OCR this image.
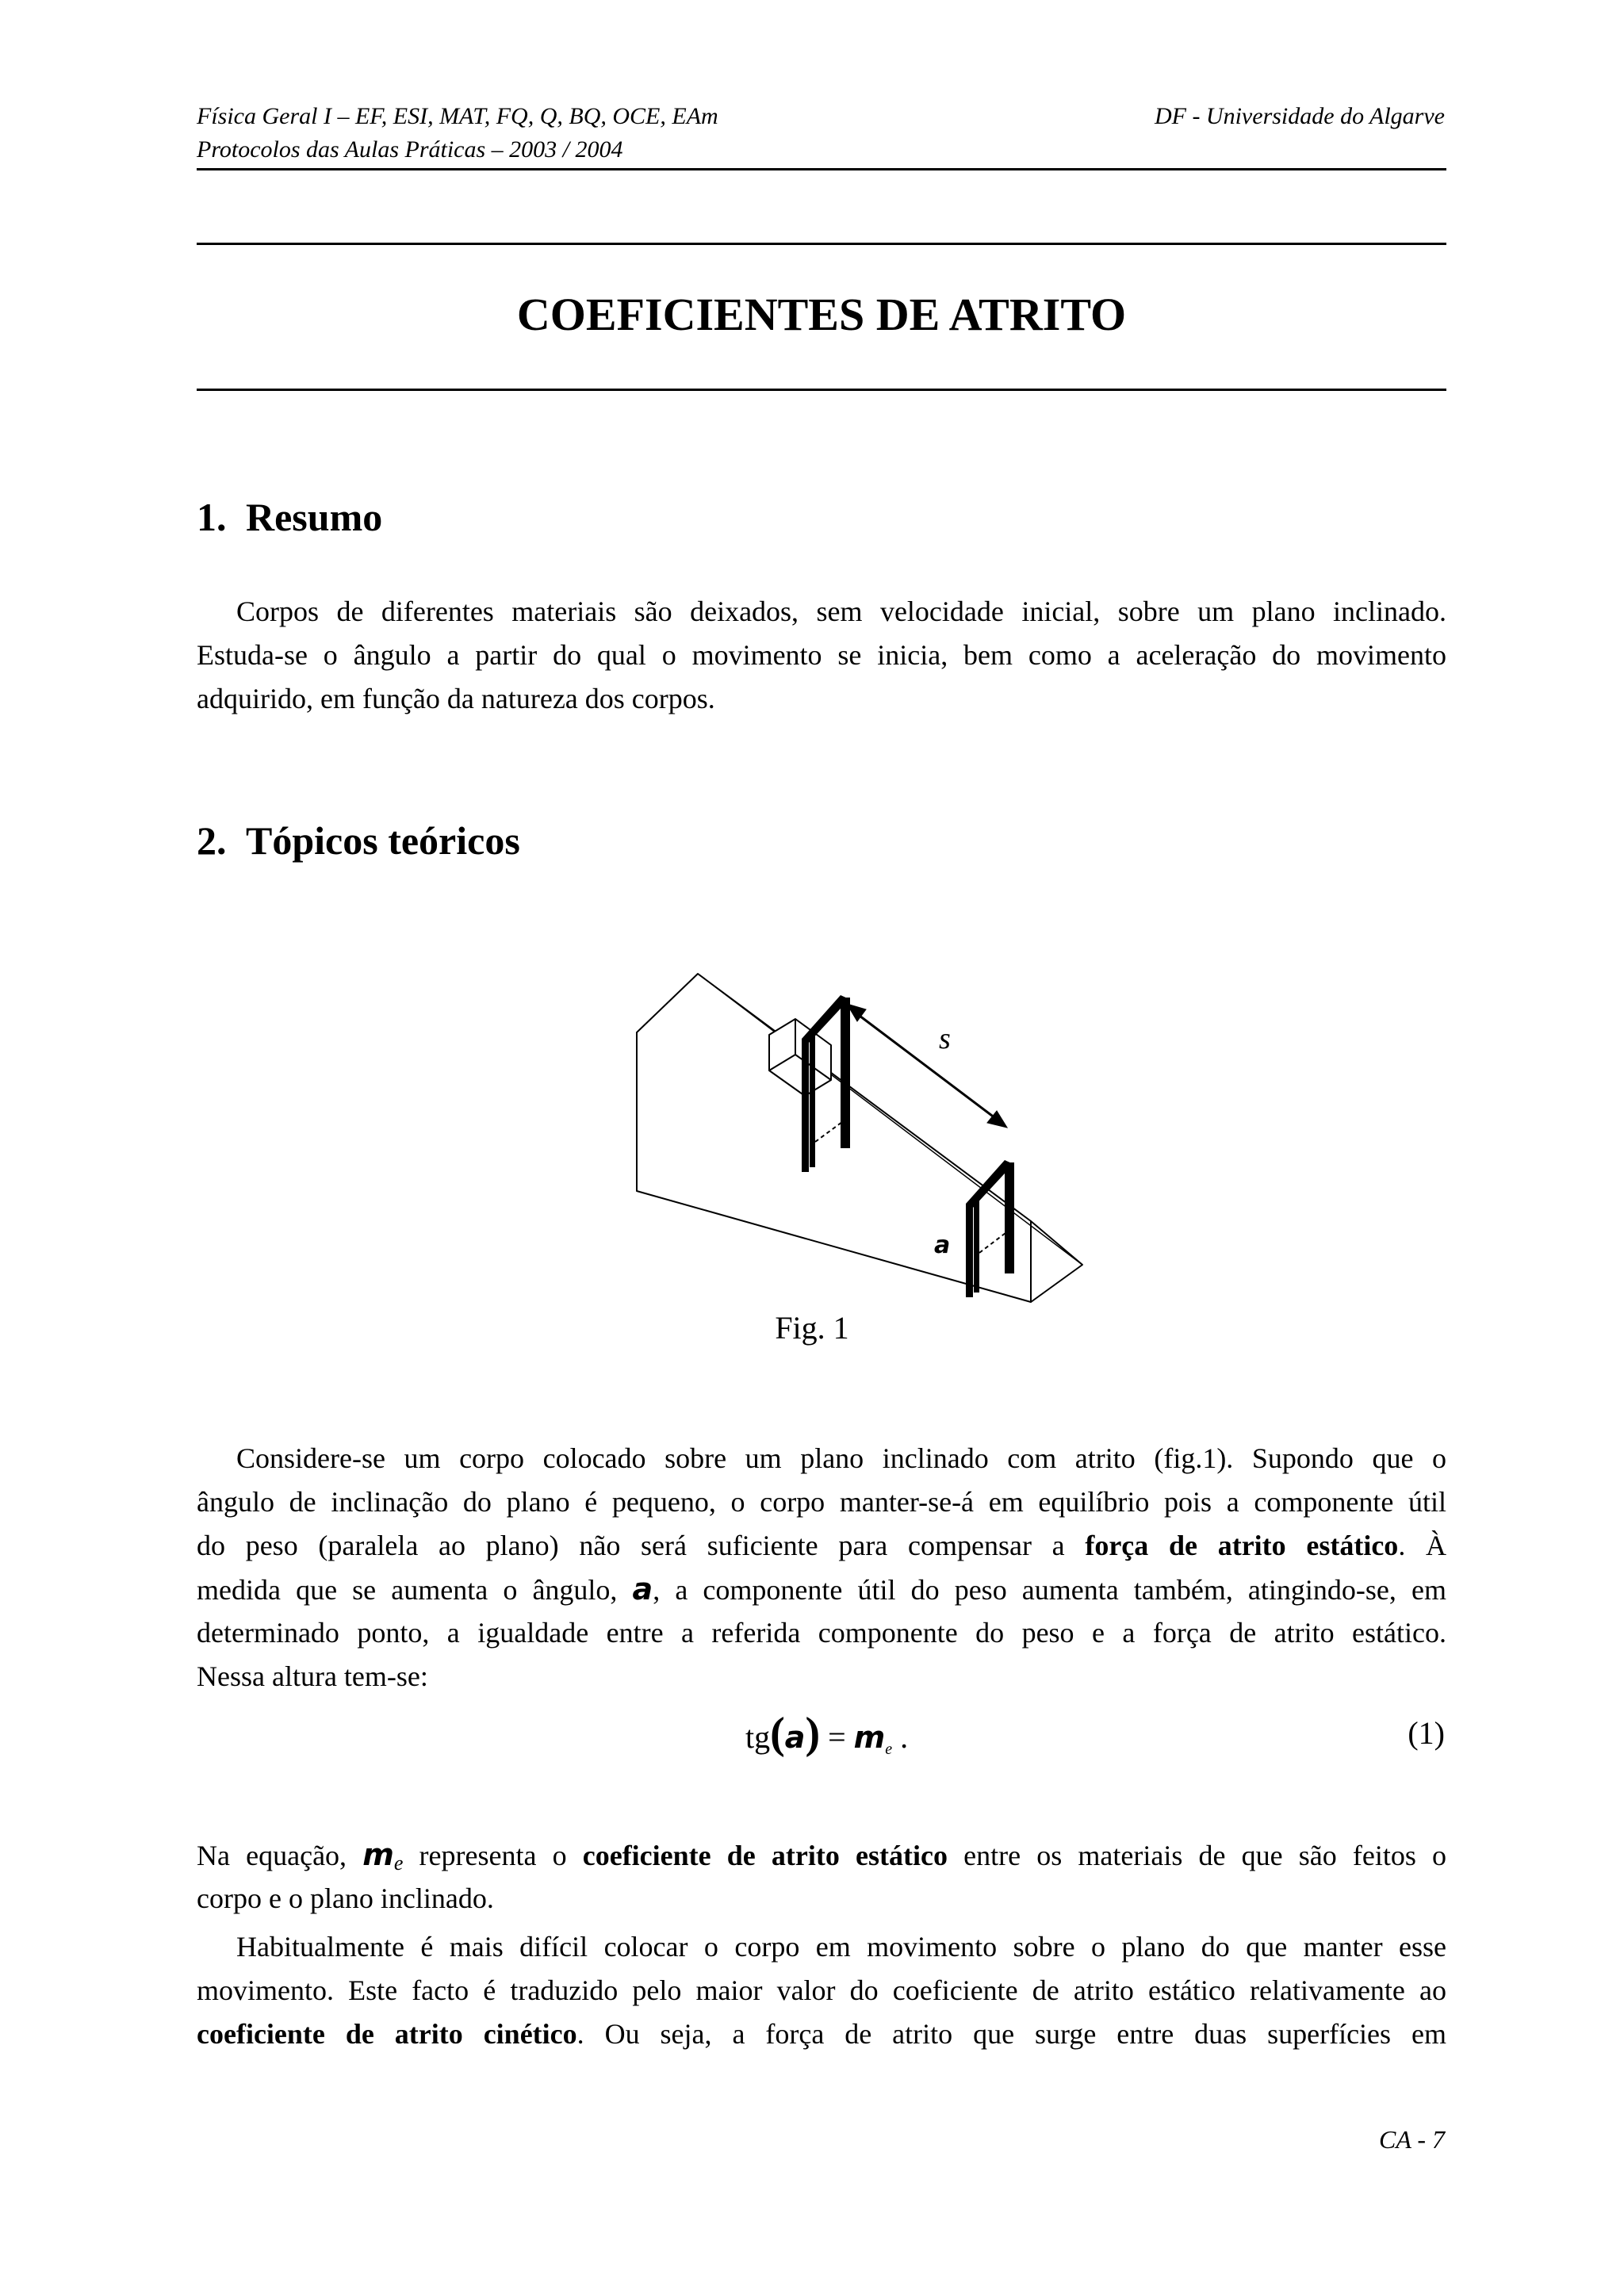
Física Geral I – EF, ESI, MAT, FQ, Q, BQ, OCE, EAm
Protocolos das Aulas Práticas – 2003 / 2004
DF - Universidade do Algarve
COEFICIENTES DE ATRITO
1. Resumo
Corpos de diferentes materiais são deixados, sem velocidade inicial, sobre um plano inclinado.
Estuda-se o ângulo a partir do qual o movimento se inicia, bem como a aceleração do movimento
adquirido, em função da natureza dos corpos.
2. Tópicos teóricos
s
a
Fig. 1
Considere-se um corpo colocado sobre um plano inclinado com atrito (fig.1). Supondo que o
ângulo de inclinação do plano é pequeno, o corpo manter-se-á em equilíbrio pois a componente útil
do peso (paralela ao plano) não será suficiente para compensar a força de atrito estático. À
medida que se aumenta o ângulo, a, a componente útil do peso aumenta também, atingindo-se, em
determinado ponto, a igualdade entre a referida componente do peso e a força de atrito estático.
Nessa altura tem-se:
$tg(a) = m_e$ .	(1)
Na equação, me representa o coeficiente de atrito estático entre os materiais de que são feitos o
corpo e o plano inclinado.
Habitualmente é mais difícil colocar o corpo em movimento sobre o plano do que manter esse
movimento. Este facto é traduzido pelo maior valor do coeficiente de atrito estático relativamente ao
coeficiente de atrito cinético. Ou seja, a força de atrito que surge entre duas superfícies em
CA - 7
